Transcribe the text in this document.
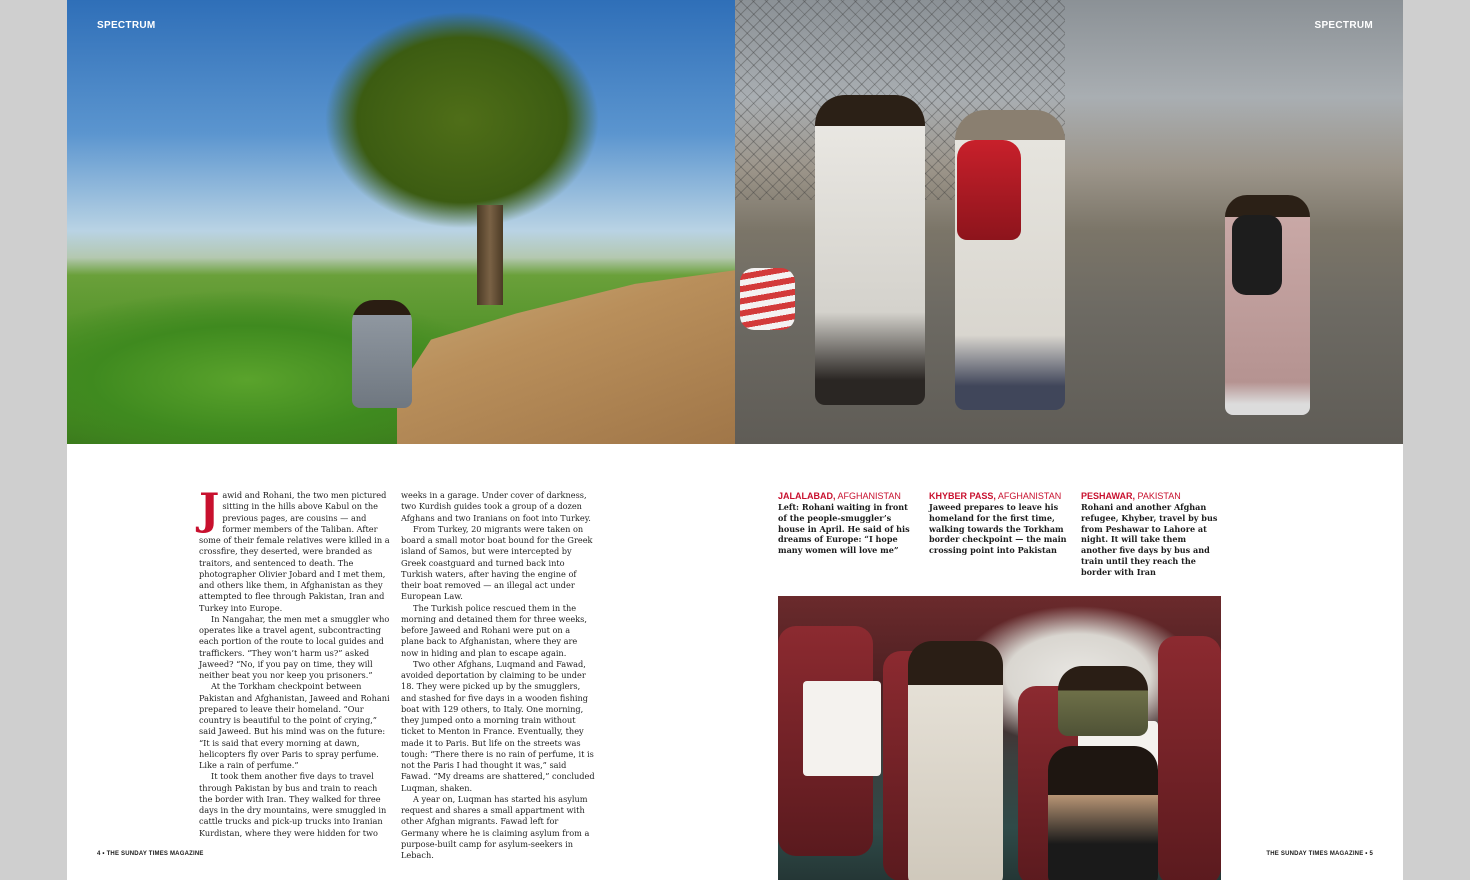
SPECTRUM	SPECTRUM

Jawid and Rohani, the two men pictured sitting in the hills above Kabul on the previous pages, are cousins — and former members of the Taliban. After some of their female relatives were killed in a crossfire, they deserted, were branded as traitors, and sentenced to death. The photographer Olivier Jobard and I met them, and others like them, in Afghanistan as they attempted to flee through Pakistan, Iran and Turkey into Europe.

In Nangahar, the men met a smuggler who operates like a travel agent, subcontracting each portion of the route to local guides and traffickers. “They won’t harm us?” asked Jaweed? “No, if you pay on time, they will neither beat you nor keep you prisoners.”

At the Torkham checkpoint between Pakistan and Afghanistan, Jaweed and Rohani prepared to leave their homeland. “Our country is beautiful to the point of crying,” said Jaweed. But his mind was on the future: “It is said that every morning at dawn, helicopters fly over Paris to spray perfume. Like a rain of perfume.”

It took them another five days to travel through Pakistan by bus and train to reach the border with Iran. They walked for three days in the dry mountains, were smuggled in cattle trucks and pick-up trucks into Iranian Kurdistan, where they were hidden for two

weeks in a garage. Under cover of darkness, two Kurdish guides took a group of a dozen Afghans and two Iranians on foot into Turkey.

From Turkey, 20 migrants were taken on board a small motor boat bound for the Greek island of Samos, but were intercepted by Greek coastguard and turned back into Turkish waters, after having the engine of their boat removed — an illegal act under European Law.

The Turkish police rescued them in the morning and detained them for three weeks, before Jaweed and Rohani were put on a plane back to Afghanistan, where they are now in hiding and plan to escape again.

Two other Afghans, Luqmand and Fawad, avoided deportation by claiming to be under 18. They were picked up by the smugglers, and stashed for five days in a wooden fishing boat with 129 others, to Italy. One morning, they jumped onto a morning train without ticket to Menton in France. Eventually, they made it to Paris. But life on the streets was tough: “There there is no rain of perfume, it is not the Paris I had thought it was,” said Fawad. “My dreams are shattered,” concluded Luqman, shaken.

A year on, Luqman has started his asylum request and shares a small appartment with other Afghan migrants. Fawad left for Germany where he is claiming asylum from a purpose-built camp for asylum-seekers in Lebach.

JALALABAD, AFGHANISTAN
Left: Rohani waiting in front of the people-smuggler’s house in April. He said of his dreams of Europe: “I hope many women will love me”
KHYBER PASS, AFGHANISTAN
Jaweed prepares to leave his homeland for the first time, walking towards the Torkham border checkpoint — the main crossing point into Pakistan
PESHAWAR, PAKISTAN
Rohani and another Afghan refugee, Khyber, travel by bus from Peshawar to Lahore at night. It will take them another five days by bus and train until they reach the border with Iran
4 • THE SUNDAY TIMES MAGAZINE	THE SUNDAY TIMES MAGAZINE • 5
